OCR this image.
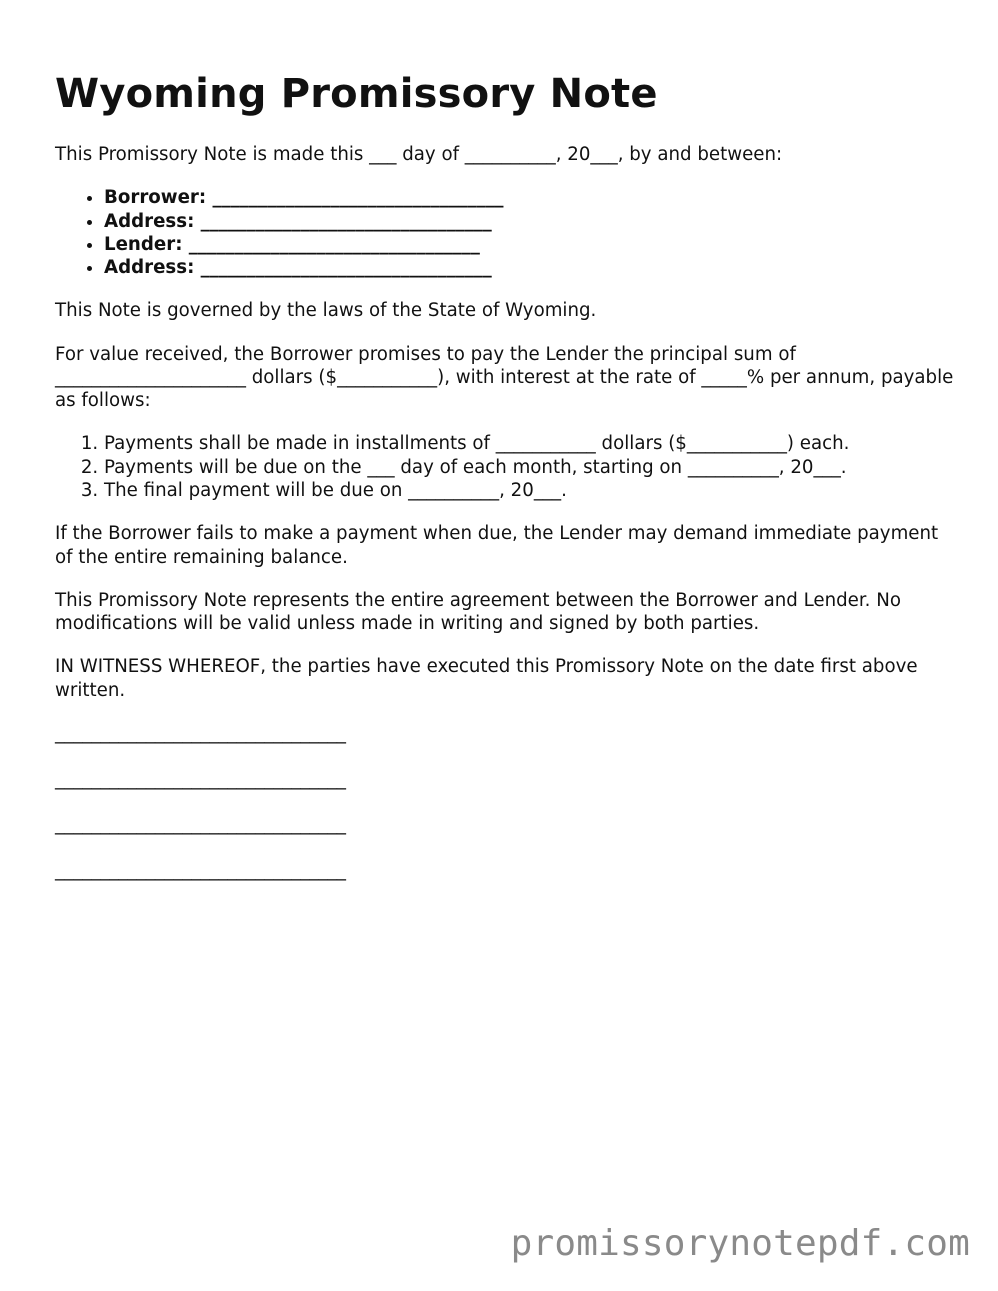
Wyoming Promissory Note

This Promissory Note is made this ___ day of __________, 20___, by and between:

• Borrower: ________________________________
• Address: ________________________________
• Lender: ________________________________
• Address: ________________________________

This Note is governed by the laws of the State of Wyoming.

For value received, the Borrower promises to pay the Lender the principal sum of _____________________ dollars ($___________), with interest at the rate of _____% per annum, payable as follows:

1. Payments shall be made in installments of ___________ dollars ($___________) each.
2. Payments will be due on the ___ day of each month, starting on __________, 20___.
3. The final payment will be due on __________, 20___.

If the Borrower fails to make a payment when due, the Lender may demand immediate payment of the entire remaining balance.

This Promissory Note represents the entire agreement between the Borrower and Lender. No modifications will be valid unless made in writing and signed by both parties.

IN WITNESS WHEREOF, the parties have executed this Promissory Note on the date first above written.

________________________________
________________________________
________________________________
________________________________
promissorynotepdf.com
